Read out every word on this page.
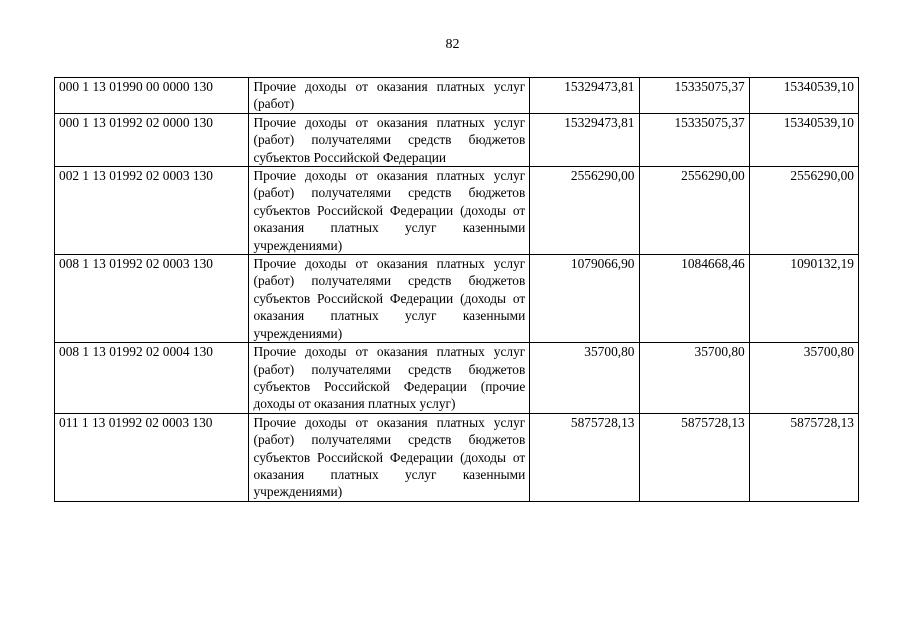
82
000 1 13 01990 00 0000 130	Прочие доходы от оказания платных услуг (работ)	15329473,81	15335075,37	15340539,10
000 1 13 01992 02 0000 130	Прочие доходы от оказания платных услуг (работ) получателями средств бюджетов субъектов Российской Федерации	15329473,81	15335075,37	15340539,10
002 1 13 01992 02 0003 130	Прочие доходы от оказания платных услуг (работ) получателями средств бюджетов субъектов Российской Федерации (доходы от оказания платных услуг казенными учреждениями)	2556290,00	2556290,00	2556290,00
008 1 13 01992 02 0003 130	Прочие доходы от оказания платных услуг (работ) получателями средств бюджетов субъектов Российской Федерации (доходы от оказания платных услуг казенными учреждениями)	1079066,90	1084668,46	1090132,19
008 1 13 01992 02 0004 130	Прочие доходы от оказания платных услуг (работ) получателями средств бюджетов субъектов Российской Федерации (прочие доходы от оказания платных услуг)	35700,80	35700,80	35700,80
011 1 13 01992 02 0003 130	Прочие доходы от оказания платных услуг (работ) получателями средств бюджетов субъектов Российской Федерации (доходы от оказания платных услуг казенными учреждениями)	5875728,13	5875728,13	5875728,13
